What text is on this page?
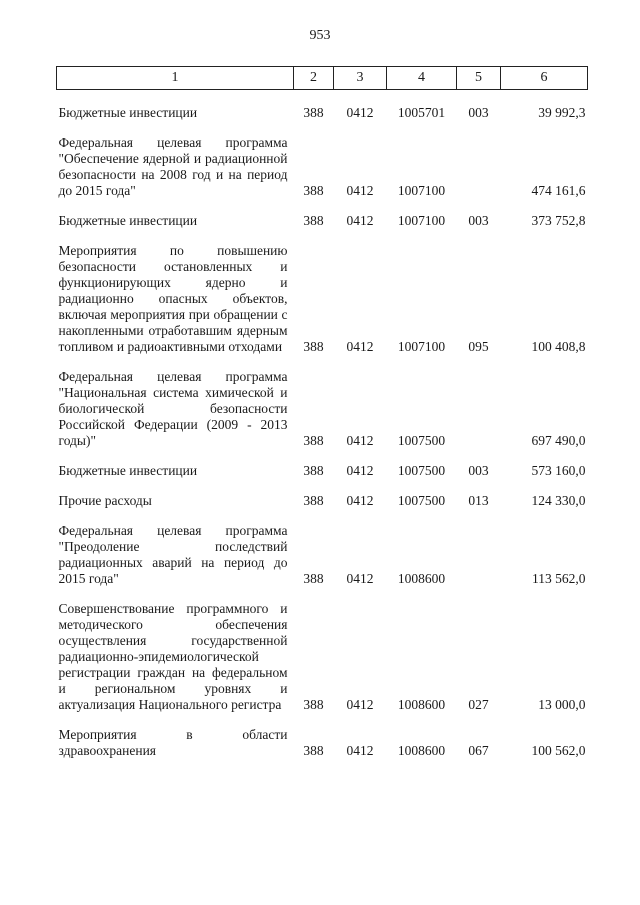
953
1	2	3	4	5	6
Бюджетные инвестиции	388	0412	1005701	003	39 992,3
Федеральная целевая программа "Обеспечение ядерной и радиационной безопасности на 2008 год и на период до 2015 года"	388	0412	1007100		474 161,6
Бюджетные инвестиции	388	0412	1007100	003	373 752,8
Мероприятия по повышению безопасности остановленных и функционирующих ядерно и радиационно опасных объектов, включая мероприятия при обращении с накопленными отработавшим ядерным топливом и радиоактивными отходами	388	0412	1007100	095	100 408,8
Федеральная целевая программа "Национальная система химической и биологической безопасности Российской Федерации (2009 - 2013 годы)"	388	0412	1007500		697 490,0
Бюджетные инвестиции	388	0412	1007500	003	573 160,0
Прочие расходы	388	0412	1007500	013	124 330,0
Федеральная целевая программа "Преодоление последствий радиационных аварий на период до 2015 года"	388	0412	1008600		113 562,0
Совершенствование программного и методического обеспечения осуществления государственной радиационно-эпидемиологической регистрации граждан на федеральном и региональном уровнях и актуализация Национального регистра	388	0412	1008600	027	13 000,0
Мероприятия в области здравоохранения	388	0412	1008600	067	100 562,0
